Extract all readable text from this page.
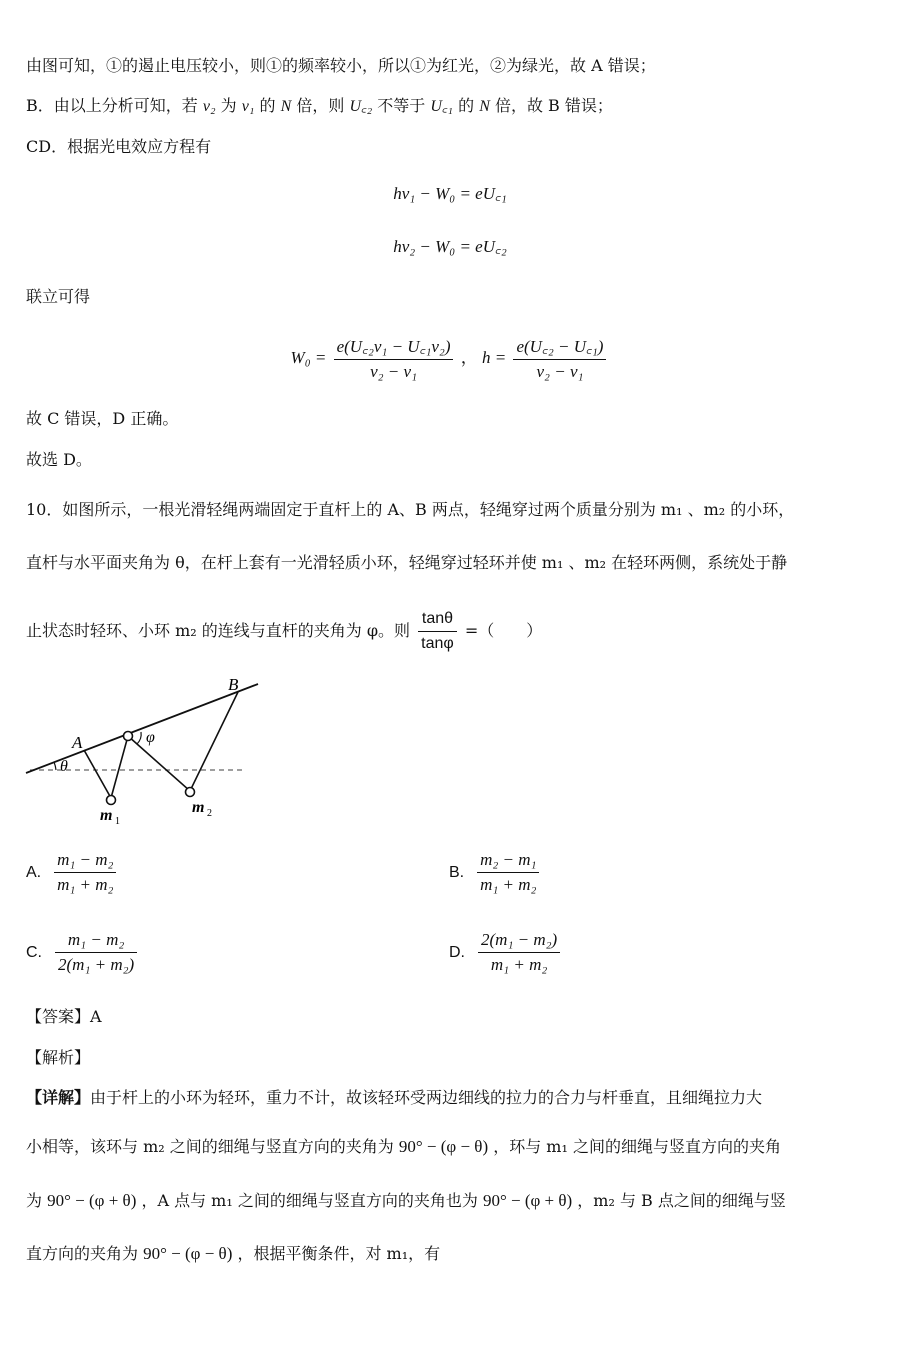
由图可知，①的遏止电压较小，则①的频率较小，所以①为红光，②为绿光，故 A 错误；
B．由以上分析可知，若 ν₂ 为 ν₁ 的 N 倍，则 U꜀₂ 不等于 U꜀₁ 的 N 倍，故 B 错误；
CD．根据光电效应方程有
hν₁ − W₀ = eU꜀₁
hν₂ − W₀ = eU꜀₂
联立可得
$W_0 = \frac{\text{e(U꜀₂ν₁ − U꜀₁ν₂)}}{\text{ν₂ − ν₁}}$ ， $h = \frac{\text{e(U꜀₂ − U꜀₁)}}{\text{ν₂ − ν₁}}$
故 C 错误，D 正确。
故选 D。
10．如图所示，一根光滑轻绳两端固定于直杆上的 A、B 两点，轻绳穿过两个质量分别为 m₁ 、m₂ 的小环，
直杆与水平面夹角为 θ，在杆上套有一光滑轻质小环，轻绳穿过轻环并使 m₁ 、m₂ 在轻环两侧，系统处于静
止状态时轻环、小环 m₂ 的连线与直杆的夹角为 φ。则 $\frac{\tan\theta}{\tan\varphi}$ =（　　）
A
B
θ
φ
m 1
m 2
A. $\frac{\text{m₁ − m₂}}{\text{m₁ + m₂}}$	B. $\frac{\text{m₂ − m₁}}{\text{m₁ + m₂}}$
C. $\frac{\text{m₁ − m₂}}{\text{2(m₁ + m₂)}}$	D. $\frac{\text{2(m₁ − m₂)}}{\text{m₁ + m₂}}$
【答案】A
【解析】
【详解】由于杆上的小环为轻环，重力不计，故该轻环受两边细线的拉力的合力与杆垂直，且细绳拉力大
小相等，该环与 m₂ 之间的细绳与竖直方向的夹角为 90° − (φ − θ) ，环与 m₁ 之间的细绳与竖直方向的夹角
为 90° − (φ + θ) ，A 点与 m₁ 之间的细绳与竖直方向的夹角也为 90° − (φ + θ) ，m₂ 与 B 点之间的细绳与竖
直方向的夹角为 90° − (φ − θ) ，根据平衡条件，对 m₁，有
